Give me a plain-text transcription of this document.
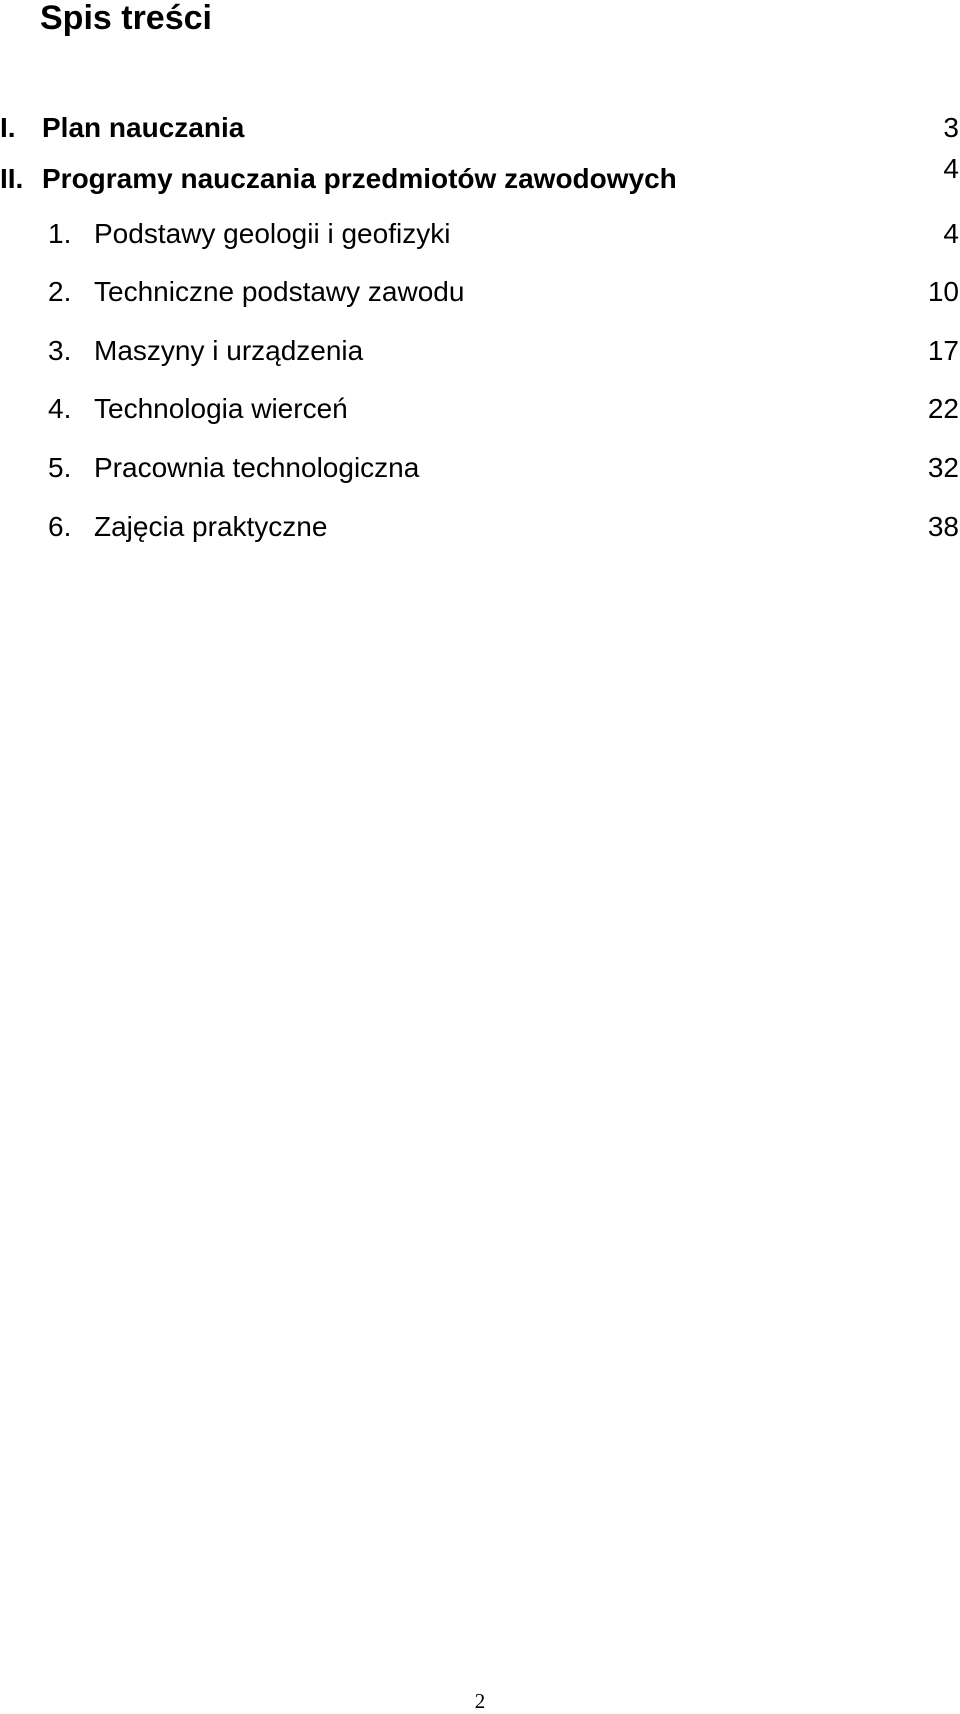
Spis treści
I. Plan nauczania	3
II. Programy nauczania przedmiotów zawodowych	4
1. Podstawy geologii i geofizyki	4
2. Techniczne podstawy zawodu	10
3. Maszyny i urządzenia	17
4. Technologia wierceń	22
5. Pracownia technologiczna	32
6. Zajęcia praktyczne	38
2
